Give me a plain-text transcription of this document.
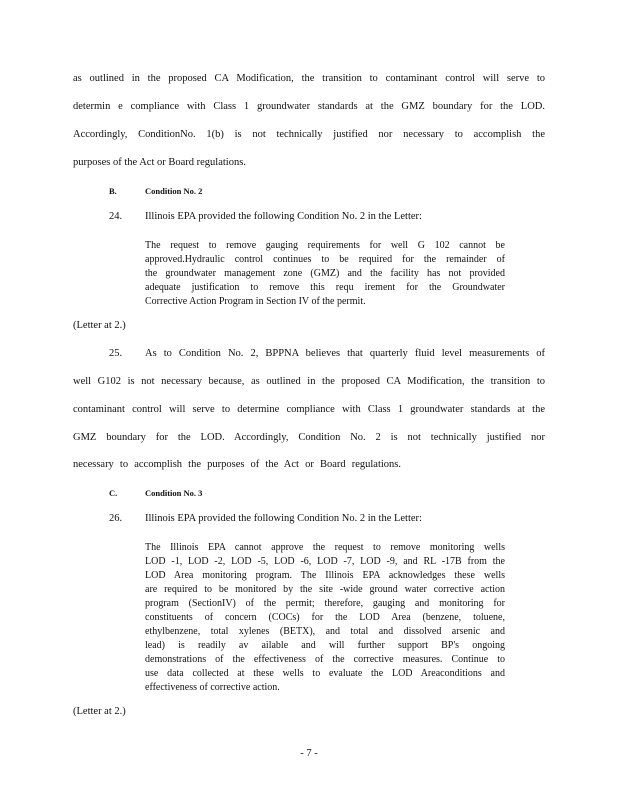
as outlined in the proposed CA Modification, the transition to contaminant control will serve to
determin e compliance with Class 1 groundwater standards at the GMZ boundary for the LOD.
Accordingly, ConditionNo. 1(b) is not technically justified nor necessary to accomplish the
purposes of the Act or Board regulations.
B.	Condition No. 2
24. Illinois EPA provided the following Condition No. 2 in the Letter:
The request to remove gauging requirements for well G 102 cannot be
approved.Hydraulic control continues to be required for the remainder of
the groundwater management zone (GMZ) and the facility has not provided
adequate justification to remove this requ irement for the Groundwater
Corrective Action Program in Section IV of the permit.
(Letter at 2.)
25. As to Condition No. 2, BPPNA believes that quarterly fluid level measurements of
well G102 is not necessary because, as outlined in the proposed CA Modification, the transition to
contaminant control will serve to determine compliance with Class 1 groundwater standards at the
GMZ boundary for the LOD. Accordingly, Condition No. 2 is not technically justified nor
necessary to accomplish the purposes of the Act or Board regulations.
C.	Condition No. 3
26. Illinois EPA provided the following Condition No. 2 in the Letter:
The Illinois EPA cannot approve the request to remove monitoring wells
LOD -1, LOD -2, LOD -5, LOD -6, LOD -7, LOD -9, and RL -17B from the
LOD Area monitoring program. The Illinois EPA acknowledges these wells
are required to be monitored by the site -wide ground water corrective action
program (SectionIV) of the permit; therefore, gauging and monitoring for
constituents of concern (COCs) for the LOD Area (benzene, toluene,
ethylbenzene, total xylenes (BETX), and total and dissolved arsenic and
lead) is readily av ailable and will further support BP's ongoing
demonstrations of the effectiveness of the corrective measures. Continue to
use data collected at these wells to evaluate the LOD Areaconditions and
effectiveness of corrective action.
(Letter at 2.)
- 7 -
